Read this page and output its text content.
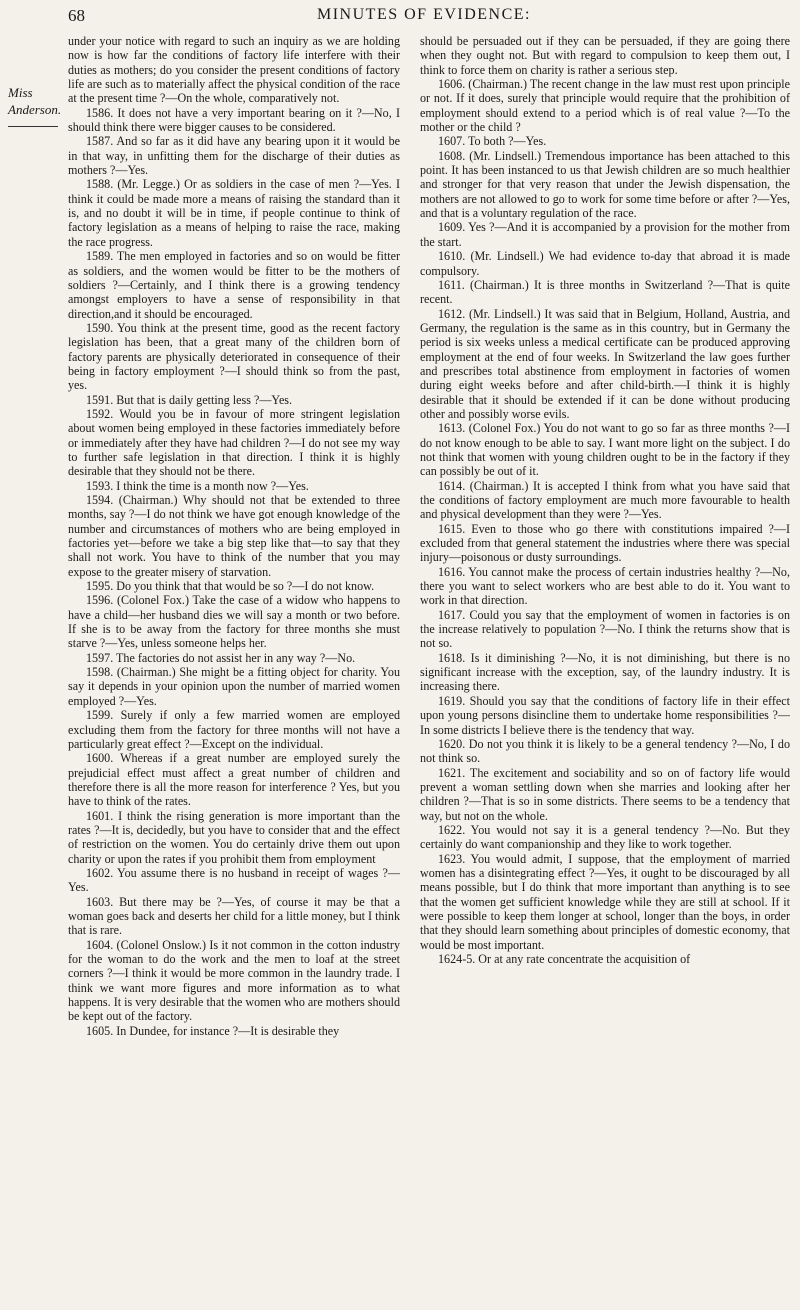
68	MINUTES OF EVIDENCE:
Miss
Anderson.

under your notice with regard to such an inquiry as we are holding now is how far the conditions of factory life interfere with their duties as mothers; do you consider the present conditions of factory life are such as to materially affect the physical condition of the race at the present time ?—On the whole, comparatively not.

1586. It does not have a very important bearing on it ?—No, I should think there were bigger causes to be considered.

1587. And so far as it did have any bearing upon it it would be in that way, in unfitting them for the discharge of their duties as mothers ?—Yes.

1588. (Mr. Legge.) Or as soldiers in the case of men ?—Yes. I think it could be made more a means of raising the standard than it is, and no doubt it will be in time, if people continue to think of factory legislation as a means of helping to raise the race, making the race progress.

1589. The men employed in factories and so on would be fitter as soldiers, and the women would be fitter to be the mothers of soldiers ?—Certainly, and I think there is a growing tendency amongst employers to have a sense of responsibility in that direction,and it should be encouraged.

1590. You think at the present time, good as the recent factory legislation has been, that a great many of the children born of factory parents are physically deteriorated in consequence of their being in factory employment ?—I should think so from the past, yes.

1591. But that is daily getting less ?—Yes.

1592. Would you be in favour of more stringent legislation about women being employed in these factories immediately before or immediately after they have had children ?—I do not see my way to further safe legislation in that direction. I think it is highly desirable that they should not be there.

1593. I think the time is a month now ?—Yes.

1594. (Chairman.) Why should not that be extended to three months, say ?—I do not think we have got enough knowledge of the number and circumstances of mothers who are being employed in factories yet—before we take a big step like that—to say that they shall not work. You have to think of the number that you may expose to the greater misery of starvation.

1595. Do you think that that would be so ?—I do not know.

1596. (Colonel Fox.) Take the case of a widow who happens to have a child—her husband dies we will say a month or two before. If she is to be away from the factory for three months she must starve ?—Yes, unless someone helps her.

1597. The factories do not assist her in any way ?—No.

1598. (Chairman.) She might be a fitting object for charity. You say it depends in your opinion upon the number of married women employed ?—Yes.

1599. Surely if only a few married women are employed excluding them from the factory for three months will not have a particularly great effect ?—Except on the individual.

1600. Whereas if a great number are employed surely the prejudicial effect must affect a great number of children and therefore there is all the more reason for interference ? Yes, but you have to think of the rates.

1601. I think the rising generation is more important than the rates ?—It is, decidedly, but you have to consider that and the effect of restriction on the women. You do certainly drive them out upon charity or upon the rates if you prohibit them from employment

1602. You assume there is no husband in receipt of wages ?—Yes.

1603. But there may be ?—Yes, of course it may be that a woman goes back and deserts her child for a little money, but I think that is rare.

1604. (Colonel Onslow.) Is it not common in the cotton industry for the woman to do the work and the men to loaf at the street corners ?—I think it would be more common in the laundry trade. I think we want more figures and more information as to what happens. It is very desirable that the women who are mothers should be kept out of the factory.

1605. In Dundee, for instance ?—It is desirable they

should be persuaded out if they can be persuaded, if they are going there when they ought not. But with regard to compulsion to keep them out, I think to force them on charity is rather a serious step.

1606. (Chairman.) The recent change in the law must rest upon principle or not. If it does, surely that principle would require that the prohibition of employment should extend to a period which is of real value ?—To the mother or the child ?

1607. To both ?—Yes.

1608. (Mr. Lindsell.) Tremendous importance has been attached to this point. It has been instanced to us that Jewish children are so much healthier and stronger for that very reason that under the Jewish dispensation, the mothers are not allowed to go to work for some time before or after ?—Yes, and that is a voluntary regulation of the race.

1609. Yes ?—And it is accompanied by a provision for the mother from the start.

1610. (Mr. Lindsell.) We had evidence to-day that abroad it is made compulsory.

1611. (Chairman.) It is three months in Switzerland ?—That is quite recent.

1612. (Mr. Lindsell.) It was said that in Belgium, Holland, Austria, and Germany, the regulation is the same as in this country, but in Germany the period is six weeks unless a medical certificate can be produced approving employment at the end of four weeks. In Switzerland the law goes further and prescribes total abstinence from employment in factories of women during eight weeks before and after child-birth.—I think it is highly desirable that it should be extended if it can be done without producing other and possibly worse evils.

1613. (Colonel Fox.) You do not want to go so far as three months ?—I do not know enough to be able to say. I want more light on the subject. I do not think that women with young children ought to be in the factory if they can possibly be out of it.

1614. (Chairman.) It is accepted I think from what you have said that the conditions of factory employment are much more favourable to health and physical development than they were ?—Yes.

1615. Even to those who go there with constitutions impaired ?—I excluded from that general statement the industries where there was special injury—poisonous or dusty surroundings.

1616. You cannot make the process of certain industries healthy ?—No, there you want to select workers who are best able to do it. You want to work in that direction.

1617. Could you say that the employment of women in factories is on the increase relatively to population ?—No. I think the returns show that is not so.

1618. Is it diminishing ?—No, it is not diminishing, but there is no significant increase with the exception, say, of the laundry industry. It is increasing there.

1619. Should you say that the conditions of factory life in their effect upon young persons disincline them to undertake home responsibilities ?—In some districts I believe there is the tendency that way.

1620. Do not you think it is likely to be a general tendency ?—No, I do not think so.

1621. The excitement and sociability and so on of factory life would prevent a woman settling down when she marries and looking after her children ?—That is so in some districts. There seems to be a tendency that way, but not on the whole.

1622. You would not say it is a general tendency ?—No. But they certainly do want companionship and they like to work together.

1623. You would admit, I suppose, that the employment of married women has a disintegrating effect ?—Yes, it ought to be discouraged by all means possible, but I do think that more important than anything is to see that the women get sufficient knowledge while they are still at school. If it were possible to keep them longer at school, longer than the boys, in order that they should learn something about principles of domestic economy, that would be most important.

1624-5. Or at any rate concentrate the acquisition of
